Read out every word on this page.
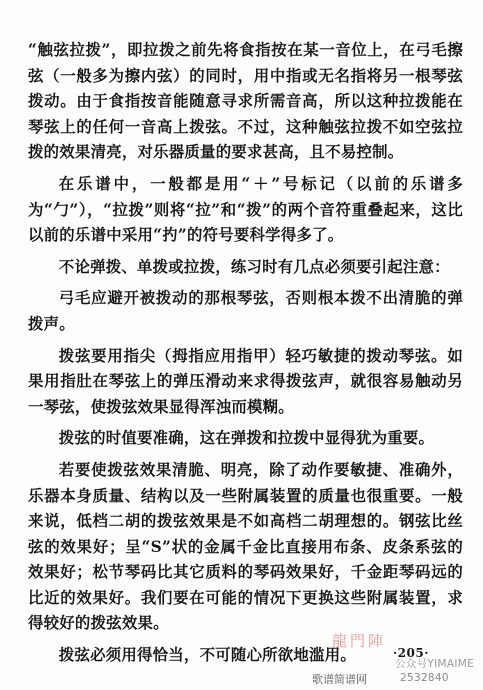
“触弦拉拨”，即拉拨之前先将食指按在某一音位上，在弓毛擦弦（一般多为擦内弦）的同时，用中指或无名指将另一根琴弦拨动。由于食指按音能随意寻求所需音高，所以这种拉拨能在琴弦上的任何一音高上拨弦。不过，这种触弦拉拨不如空弦拉拨的效果清亮，对乐器质量的要求甚高，且不易控制。

在乐谱中，一般都是用“＋”号标记（以前的乐谱多为“勹”），“拉拨”则将“拉”和“拨”的两个音符重叠起来，这比以前的乐谱中采用“扚”的符号要科学得多了。

不论弹拨、单拨或拉拨，练习时有几点必须要引起注意：

弓毛应避开被拨动的那根琴弦，否则根本拨不出清脆的弹拨声。

拨弦要用指尖（拇指应用指甲）轻巧敏捷的拨动琴弦。如果用指肚在琴弦上的弹压滑动来求得拨弦声，就很容易触动另一琴弦，使拨弦效果显得浑浊而模糊。

拨弦的时值要准确，这在弹拨和拉拨中显得犹为重要。

若要使拨弦效果清脆、明亮，除了动作要敏捷、准确外，乐器本身质量、结构以及一些附属装置的质量也很重要。一般来说，低档二胡的拨弦效果是不如高档二胡理想的。钢弦比丝弦的效果好；呈“S”状的金属千金比直接用布条、皮条系弦的效果好；松节琴码比其它质料的琴码效果好，千金距琴码远的比近的效果好。我们要在可能的情况下更换这些附属装置，求得较好的拨弦效果。

拨弦必须用得恰当，不可随心所欲地滥用。

龍門陣
·205·
公众号YIMAIME
歌谱简谱网	2532840
